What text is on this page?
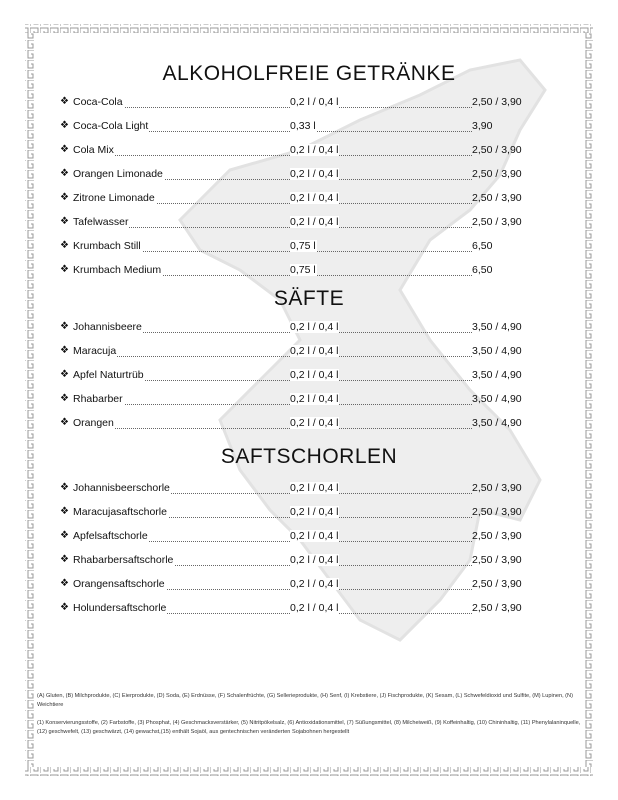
ALKOHOLFREIE GETRÄNKE
❖ Coca-Cola	0,2 l / 0,4 l	2,50 / 3,90
❖ Coca-Cola Light	0,33 l	3,90
❖ Cola Mix	0,2 l / 0,4 l	2,50 / 3,90
❖ Orangen Limonade	0,2 l / 0,4 l	2,50 / 3,90
❖ Zitrone Limonade	0,2 l / 0,4 l	2,50 / 3,90
❖ Tafelwasser	0,2 l / 0,4 l	2,50 / 3,90
❖ Krumbach Still	0,75 l	6,50
❖ Krumbach Medium	0,75 l	6,50
SÄFTE
❖ Johannisbeere	0,2 l / 0,4 l	3,50 / 4,90
❖ Maracuja	0,2 l / 0,4 l	3,50 / 4,90
❖ Apfel Naturtrüb	0,2 l / 0,4 l	3,50 / 4,90
❖ Rhabarber	0,2 l / 0,4 l	3,50 / 4,90
❖ Orangen	0,2 l / 0,4 l	3,50 / 4,90
SAFTSCHORLEN
❖ Johannisbeerschorle	0,2 l / 0,4 l	2,50 / 3,90
❖ Maracujasaftschorle	0,2 l / 0,4 l	2,50 / 3,90
❖ Apfelsaftschorle	0,2 l / 0,4 l	2,50 / 3,90
❖ Rhabarbersaftschorle	0,2 l / 0,4 l	2,50 / 3,90
❖ Orangensaftschorle	0,2 l / 0,4 l	2,50 / 3,90
❖ Holundersaftschorle	0,2 l / 0,4 l	2,50 / 3,90
(A) Gluten, (B) Milchprodukte, (C) Eierprodukte, (D) Soda, (E) Erdnüsse, (F) Schalenfrüchte, (G) Sellerieprodukte, (H) Senf, (I) Krebstiere, (J) Fischprodukte, (K) Sesam, (L) Schwefeldioxid und Sulfite, (M) Lupinen, (N) Weichtiere
(1) Konservierungsstoffe, (2) Farbstoffe, (3) Phosphat, (4) Geschmacksverstärker, (5) Nitritpökelsalz, (6) Antioxidationsmittel, (7) Süßungsmittel, (8) Milcheiweiß, (9) Koffeinhaltig, (10) Chininhaltig, (11) Phenylalaninquelle, (12) geschwefelt, (13) geschwärzt, (14) gewachst,(15) enthält Sojaöl, aus gentechnischen veränderten Sojabohnen hergestellt
